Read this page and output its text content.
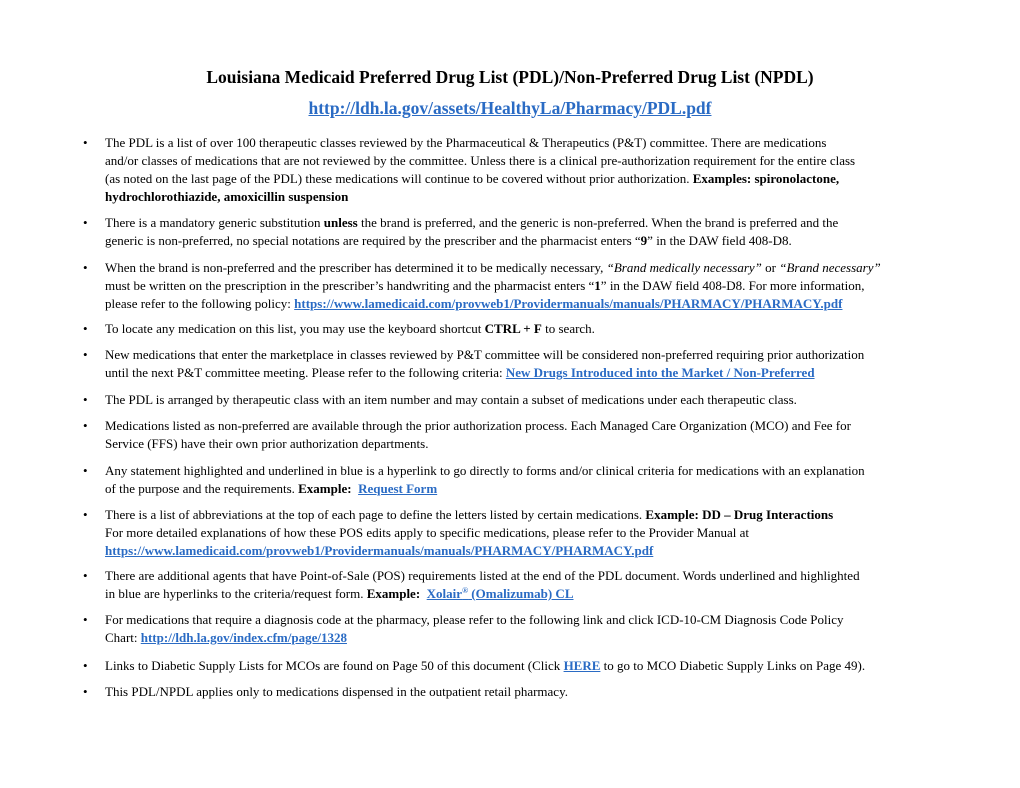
Louisiana Medicaid Preferred Drug List (PDL)/Non-Preferred Drug List (NPDL)
http://ldh.la.gov/assets/HealthyLa/Pharmacy/PDL.pdf
• The PDL is a list of over 100 therapeutic classes reviewed by the Pharmaceutical & Therapeutics (P&T) committee. There are medications
and/or classes of medications that are not reviewed by the committee. Unless there is a clinical pre-authorization requirement for the entire class
(as noted on the last page of the PDL) these medications will continue to be covered without prior authorization. Examples: spironolactone,
hydrochlorothiazide, amoxicillin suspension
• There is a mandatory generic substitution unless the brand is preferred, and the generic is non-preferred. When the brand is preferred and the
generic is non-preferred, no special notations are required by the prescriber and the pharmacist enters “9” in the DAW field 408-D8.
• When the brand is non-preferred and the prescriber has determined it to be medically necessary, “Brand medically necessary” or “Brand necessary”
must be written on the prescription in the prescriber’s handwriting and the pharmacist enters “1” in the DAW field 408-D8. For more information,
please refer to the following policy: https://www.lamedicaid.com/provweb1/Providermanuals/manuals/PHARMACY/PHARMACY.pdf
• To locate any medication on this list, you may use the keyboard shortcut CTRL + F to search.
• New medications that enter the marketplace in classes reviewed by P&T committee will be considered non-preferred requiring prior authorization
until the next P&T committee meeting. Please refer to the following criteria: New Drugs Introduced into the Market / Non-Preferred
• The PDL is arranged by therapeutic class with an item number and may contain a subset of medications under each therapeutic class.
• Medications listed as non-preferred are available through the prior authorization process. Each Managed Care Organization (MCO) and Fee for
Service (FFS) have their own prior authorization departments.
• Any statement highlighted and underlined in blue is a hyperlink to go directly to forms and/or clinical criteria for medications with an explanation
of the purpose and the requirements. Example: Request Form
• There is a list of abbreviations at the top of each page to define the letters listed by certain medications. Example: DD – Drug Interactions
For more detailed explanations of how these POS edits apply to specific medications, please refer to the Provider Manual at
https://www.lamedicaid.com/provweb1/Providermanuals/manuals/PHARMACY/PHARMACY.pdf
• There are additional agents that have Point-of-Sale (POS) requirements listed at the end of the PDL document. Words underlined and highlighted
in blue are hyperlinks to the criteria/request form. Example: Xolair® (Omalizumab) CL
• For medications that require a diagnosis code at the pharmacy, please refer to the following link and click ICD-10-CM Diagnosis Code Policy
Chart: http://ldh.la.gov/index.cfm/page/1328
• Links to Diabetic Supply Lists for MCOs are found on Page 50 of this document (Click HERE to go to MCO Diabetic Supply Links on Page 49).
• This PDL/NPDL applies only to medications dispensed in the outpatient retail pharmacy.
